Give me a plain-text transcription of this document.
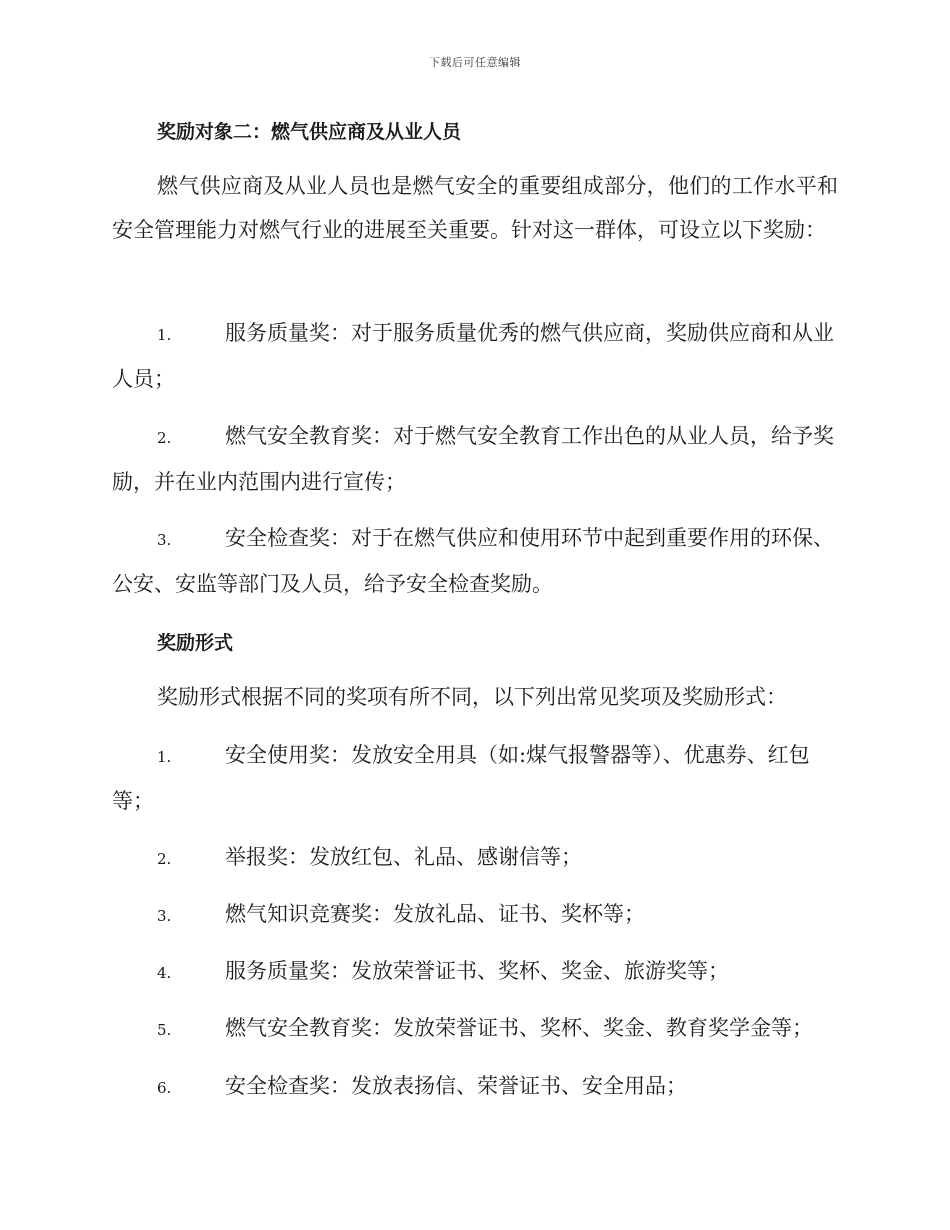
下载后可任意编辑
奖励对象二：燃气供应商及从业人员

燃气供应商及从业人员也是燃气安全的重要组成部分，他们的工作水平和安全管理能力对燃气行业的进展至关重要。针对这一群体，可设立以下奖励：

1.	服务质量奖：对于服务质量优秀的燃气供应商，奖励供应商和从业人员；

2.	燃气安全教育奖：对于燃气安全教育工作出色的从业人员，给予奖励，并在业内范围内进行宣传；

3.	安全检查奖：对于在燃气供应和使用环节中起到重要作用的环保、公安、安监等部门及人员，给予安全检查奖励。

奖励形式

奖励形式根据不同的奖项有所不同，以下列出常见奖项及奖励形式：

1.	安全使用奖：发放安全用具（如:煤气报警器等）、优惠券、红包等；

2.	举报奖：发放红包、礼品、感谢信等；

3.	燃气知识竞赛奖：发放礼品、证书、奖杯等；

4.	服务质量奖：发放荣誉证书、奖杯、奖金、旅游奖等；

5.	燃气安全教育奖：发放荣誉证书、奖杯、奖金、教育奖学金等；

6.	安全检查奖：发放表扬信、荣誉证书、安全用品；
